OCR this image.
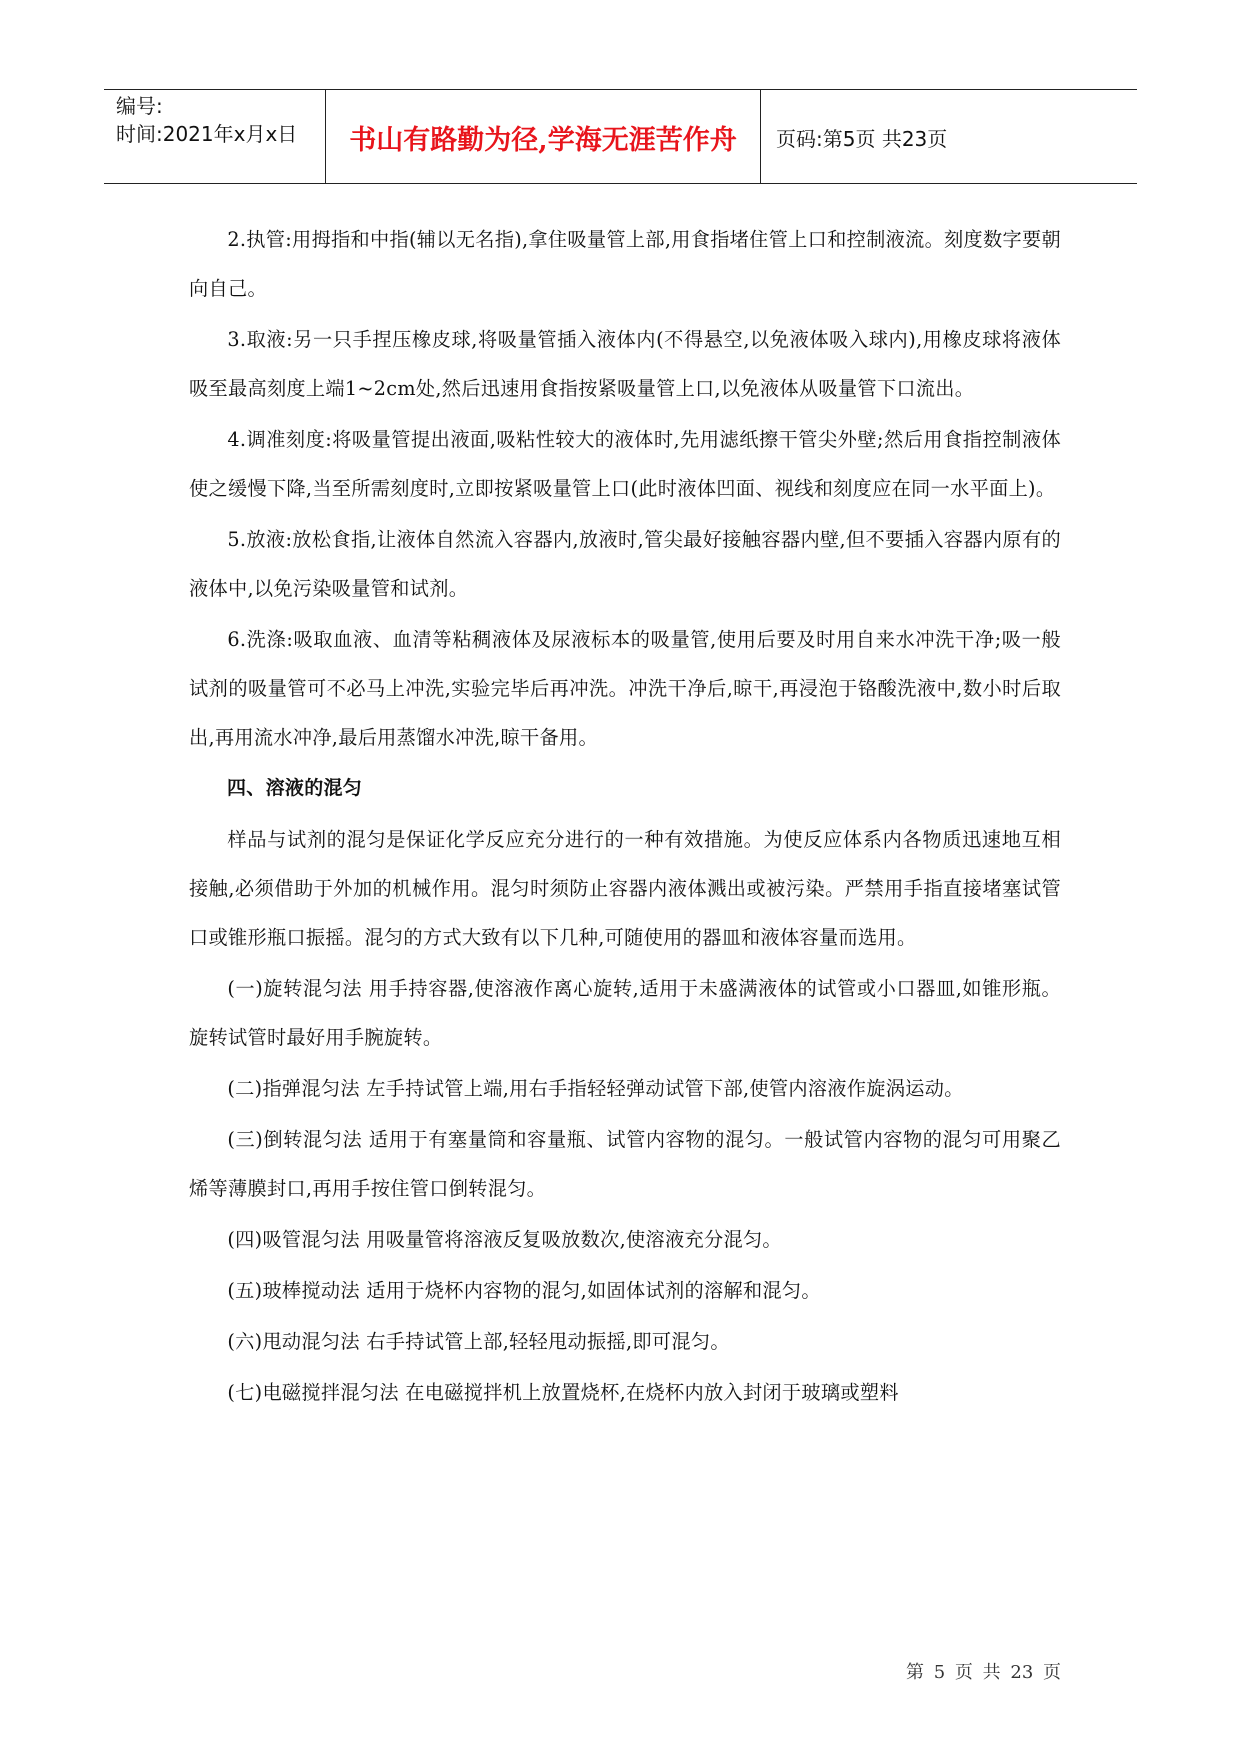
编号:
时间:2021年x月x日	书山有路勤为径,学海无涯苦作舟	页码:第5页 共23页

2.执管:用拇指和中指(辅以无名指),拿住吸量管上部,用食指堵住管上口和控制液流。刻度数字要朝向自己。

3.取液:另一只手捏压橡皮球,将吸量管插入液体内(不得悬空,以免液体吸入球内),用橡皮球将液体吸至最高刻度上端1~2cm处,然后迅速用食指按紧吸量管上口,以免液体从吸量管下口流出。

4.调准刻度:将吸量管提出液面,吸粘性较大的液体时,先用滤纸擦干管尖外壁;然后用食指控制液体使之缓慢下降,当至所需刻度时,立即按紧吸量管上口(此时液体凹面、视线和刻度应在同一水平面上)。

5.放液:放松食指,让液体自然流入容器内,放液时,管尖最好接触容器内壁,但不要插入容器内原有的液体中,以免污染吸量管和试剂。

6.洗涤:吸取血液、血清等粘稠液体及尿液标本的吸量管,使用后要及时用自来水冲洗干净;吸一般试剂的吸量管可不必马上冲洗,实验完毕后再冲洗。冲洗干净后,晾干,再浸泡于铬酸洗液中,数小时后取出,再用流水冲净,最后用蒸馏水冲洗,晾干备用。

四、溶液的混匀

样品与试剂的混匀是保证化学反应充分进行的一种有效措施。为使反应体系内各物质迅速地互相接触,必须借助于外加的机械作用。混匀时须防止容器内液体溅出或被污染。严禁用手指直接堵塞试管口或锥形瓶口振摇。混匀的方式大致有以下几种,可随使用的器皿和液体容量而选用。

(一)旋转混匀法 用手持容器,使溶液作离心旋转,适用于未盛满液体的试管或小口器皿,如锥形瓶。旋转试管时最好用手腕旋转。

(二)指弹混匀法 左手持试管上端,用右手指轻轻弹动试管下部,使管内溶液作旋涡运动。

(三)倒转混匀法 适用于有塞量筒和容量瓶、试管内容物的混匀。一般试管内容物的混匀可用聚乙烯等薄膜封口,再用手按住管口倒转混匀。

(四)吸管混匀法 用吸量管将溶液反复吸放数次,使溶液充分混匀。

(五)玻棒搅动法 适用于烧杯内容物的混匀,如固体试剂的溶解和混匀。

(六)甩动混匀法 右手持试管上部,轻轻甩动振摇,即可混匀。

(七)电磁搅拌混匀法 在电磁搅拌机上放置烧杯,在烧杯内放入封闭于玻璃或塑料

第 5 页 共 23 页
